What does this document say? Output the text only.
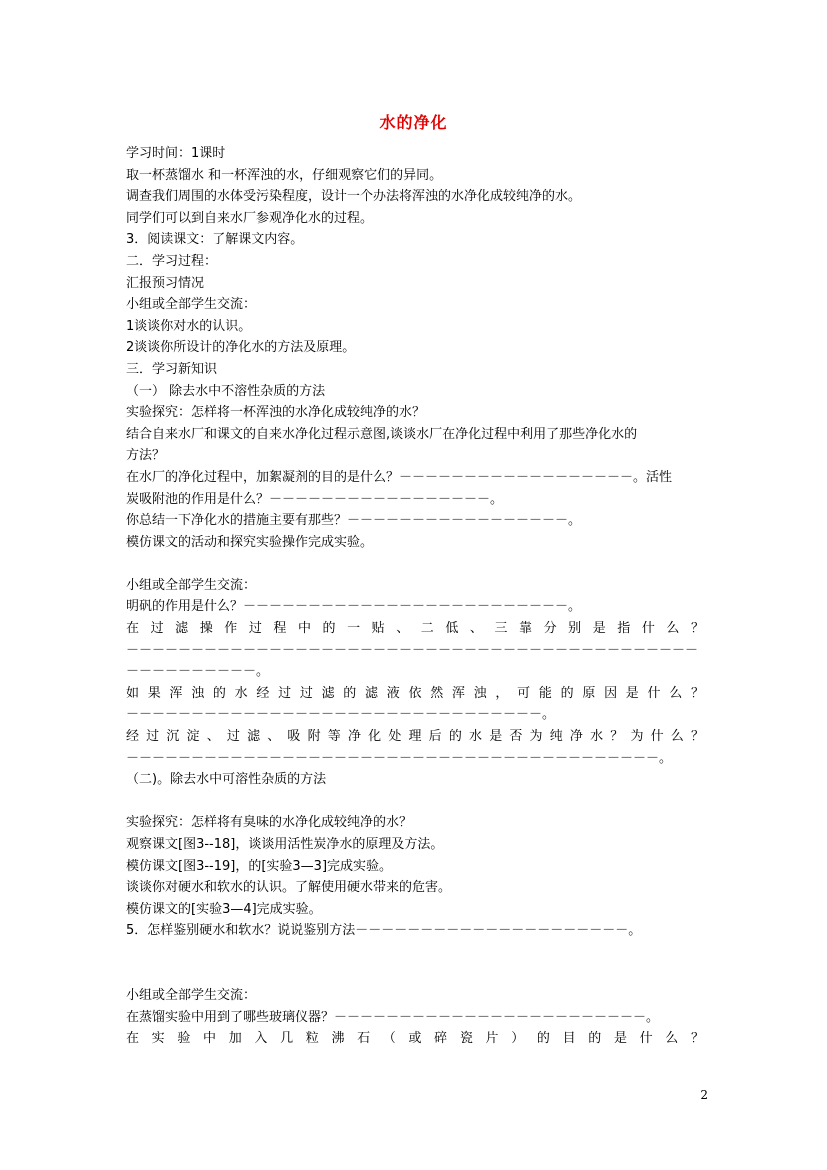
水的净化
学习时间：1课时
取一杯蒸馏水 和一杯浑浊的水，仔细观察它们的异同。
调查我们周围的水体受污染程度，设计一个办法将浑浊的水净化成较纯净的水。
同学们可以到自来水厂参观净化水的过程。
3．阅读课文：了解课文内容。
二．学习过程：
汇报预习情况
小组或全部学生交流：
1谈谈你对水的认识。
2谈谈你所设计的净化水的方法及原理。
三．学习新知识
（一） 除去水中不溶性杂质的方法
实验探究：怎样将一杯浑浊的水净化成较纯净的水？
结合自来水厂和课文的自来水净化过程示意图,谈谈水厂在净化过程中利用了那些净化水的
方法？
在水厂的净化过程中，加絮凝剂的目的是什么？－－－－－－－－－－－－－－－－－－。活性
炭吸附池的作用是什么？－－－－－－－－－－－－－－－－－。
你总结一下净化水的措施主要有那些？－－－－－－－－－－－－－－－－－。
模仿课文的活动和探究实验操作完成实验。
小组或全部学生交流：
明矾的作用是什么？－－－－－－－－－－－－－－－－－－－－－－－－－。
在过滤操作过程中的一贴、二低、三靠分别是指什么？
－－－－－－－－－－－－－－－－－－－－－－－－－－－－－－－－－－－－－－－－－－－－
－－－－－－－－－－。
如果浑浊的水经过过滤的滤液依然浑浊，可能的原因是什么？
－－－－－－－－－－－－－－－－－－－－－－－－－－－－－－－－。
经过沉淀、过滤、吸附等净化处理后的水是否为纯净水？为什么？
－－－－－－－－－－－－－－－－－－－－－－－－－－－－－－－－－－－－－－－－－。
（二)。除去水中可溶性杂质的方法
实验探究：怎样将有臭味的水净化成较纯净的水？
观察课文[图3--18]，谈谈用活性炭净水的原理及方法。
模仿课文[图3--19]，的[实验3—3]完成实验。
谈谈你对硬水和软水的认识。了解使用硬水带来的危害。
模仿课文的[实验3—4]完成实验。
5．怎样鉴别硬水和软水？说说鉴别方法－－－－－－－－－－－－－－－－－－－－－。
小组或全部学生交流：
在蒸馏实验中用到了哪些玻璃仪器？－－－－－－－－－－－－－－－－－－－－－－－－。
在实验中加入几粒沸石（或碎瓷片）的目的是什么？
2
